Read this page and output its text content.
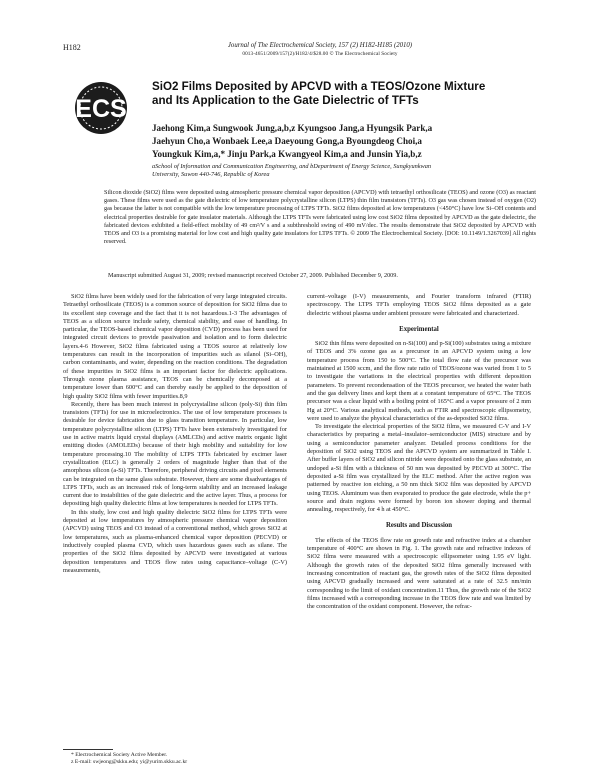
H182	Journal of The Electrochemical Society, 157 (2) H182-H185 (2010)
0013-4651/2009/157(2)/H182/4/$28.00 © The Electrochemical Society
ECS
SiO2 Films Deposited by APCVD with a TEOS/Ozone Mixture and Its Application to the Gate Dielectric of TFTs
Jaehong Kim,a Sungwook Jung,a,b,z Kyungsoo Jang,a Hyungsik Park,a
Jaehyun Cho,a Wonbaek Lee,a Daeyoung Gong,a Byoungdeog Choi,a
Youngkuk Kim,a,* Jinju Park,a Kwangyeol Kim,a and Junsin Yia,b,z
aSchool of Information and Communication Engineering, and bDepartment of Energy Science, Sungkyunkwan University, Suwon 440-746, Republic of Korea
Silicon dioxide (SiO2) films were deposited using atmospheric pressure chemical vapor deposition (APCVD) with tetraethyl orthosilicate (TEOS) and ozone (O3) as reactant gases. These films were used as the gate dielectric of low temperature polycrystalline silicon (LTPS) thin film transistors (TFTs). O3 gas was chosen instead of oxygen (O2) gas because the latter is not compatible with the low temperature processing of LTPS TFTs. SiO2 films deposited at low temperatures (<450°C) have low Si–OH contents and electrical properties desirable for gate insulator materials. Although the LTPS TFTs were fabricated using low cost SiO2 films deposited by APCVD as the gate dielectric, the fabricated devices exhibited a field-effect mobility of 49 cm²/V s and a subthreshold swing of 490 mV/dec. The results demonstrate that SiO2 deposited by APCVD with TEOS and O3 is a promising material for low cost and high quality gate insulators for LTPS TFTs. © 2009 The Electrochemical Society. [DOI: 10.1149/1.3267039] All rights reserved.
Manuscript submitted August 31, 2009; revised manuscript received October 27, 2009. Published December 9, 2009.

SiO2 films have been widely used for the fabrication of very large integrated circuits. Tetraethyl orthosilicate (TEOS) is a common source of deposition for SiO2 films due to its excellent step coverage and the fact that it is not hazardous.1-3 The advantages of TEOS as a silicon source include safety, chemical stability, and ease of handling. In particular, the TEOS-based chemical vapor deposition (CVD) process has been used for integrated circuit devices to provide passivation and isolation and to form dielectric layers.4-6 However, SiO2 films fabricated using a TEOS source at relatively low temperatures can result in the incorporation of impurities such as silanol (Si–OH), carbon contaminants, and water, depending on the reaction conditions. The degradation of these impurities in SiO2 films is an important factor for dielectric applications. Through ozone plasma assistance, TEOS can be chemically decomposed at a temperature lower than 600°C and can thereby easily be applied to the deposition of high quality SiO2 films with fewer impurities.8,9

Recently, there has been much interest in polycrystalline silicon (poly-Si) thin film transistors (TFTs) for use in microelectronics. The use of low temperature processes is desirable for device fabrication due to glass transition temperature. In particular, low temperature polycrystalline silicon (LTPS) TFTs have been extensively investigated for use in active matrix liquid crystal displays (AMLCDs) and active matrix organic light emitting diodes (AMOLEDs) because of their high mobility and suitability for low temperature processing.10 The mobility of LTPS TFTs fabricated by excimer laser crystallization (ELC) is generally 2 orders of magnitude higher than that of the amorphous silicon (a-Si) TFTs. Therefore, peripheral driving circuits and pixel elements can be integrated on the same glass substrate. However, there are some disadvantages of LTPS TFTs, such as an increased risk of long-term stability and an increased leakage current due to instabilities of the gate dielectric and the active layer. Thus, a process for depositing high quality dielectric films at low temperatures is needed for LTPS TFTs.

In this study, low cost and high quality dielectric SiO2 films for LTPS TFTs were deposited at low temperatures by atmospheric pressure chemical vapor deposition (APCVD) using TEOS and O3 instead of a conventional method, which grows SiO2 at low temperatures, such as plasma-enhanced chemical vapor deposition (PECVD) or inductively coupled plasma CVD, which uses hazardous gases such as silane. The properties of the SiO2 films deposited by APCVD were investigated at various deposition temperatures and TEOS flow rates using capacitance–voltage (C-V) measurements,

current–voltage (I-V) measurements, and Fourier transform infrared (FTIR) spectroscopy. The LTPS TFTs employing TEOS SiO2 films deposited as a gate dielectric without plasma under ambient pressure were fabricated and characterized.

Experimental

SiO2 thin films were deposited on n-Si(100) and p-Si(100) substrates using a mixture of TEOS and 3% ozone gas as a precursor in an APCVD system using a low temperature process from 150 to 500°C. The total flow rate of the precursor was maintained at 1500 sccm, and the flow rate ratio of TEOS/ozone was varied from 1 to 5 to investigate the variations in the electrical properties with different deposition parameters. To prevent recondensation of the TEOS precursor, we heated the water bath and the gas delivery lines and kept them at a constant temperature of 65°C. The TEOS precursor was a clear liquid with a boiling point of 165°C and a vapor pressure of 2 mm Hg at 20°C. Various analytical methods, such as FTIR and spectroscopic ellipsometry, were used to analyze the physical characteristics of the as-deposited SiO2 films.

To investigate the electrical properties of the SiO2 films, we measured C-V and I-V characteristics by preparing a metal–insulator–semiconductor (MIS) structure and by using a semiconductor parameter analyzer. Detailed process conditions for the deposition of SiO2 using TEOS and the APCVD system are summarized in Table I. After buffer layers of SiO2 and silicon nitride were deposited onto the glass substrate, an undoped a-Si film with a thickness of 50 nm was deposited by PECVD at 300°C. The deposited a-Si film was crystallized by the ELC method. After the active region was patterned by reactive ion etching, a 50 nm thick SiO2 film was deposited by APCVD using TEOS. Aluminum was then evaporated to produce the gate electrode, while the p+ source and drain regions were formed by boron ion shower doping and thermal annealing, respectively, for 4 h at 450°C.

Results and Discussion

The effects of the TEOS flow rate on growth rate and refractive index at a chamber temperature of 400°C are shown in Fig. 1. The growth rate and refractive indexes of SiO2 films were measured with a spectroscopic ellipsometer using 1.95 eV light. Although the growth rates of the deposited SiO2 films generally increased with increasing concentration of reactant gas, the growth rates of the SiO2 films deposited using APCVD gradually increased and were saturated at a rate of 32.5 nm/min corresponding to the limit of oxidant concentration.11 Thus, the growth rate of the SiO2 films increased with a corresponding increase in the TEOS flow rate and was limited by the concentration of the oxidant component. However, the refrac-

* Electrochemical Society Active Member.
z E-mail: swjeong@skku.edu; yi@yurim.skku.ac.kr
